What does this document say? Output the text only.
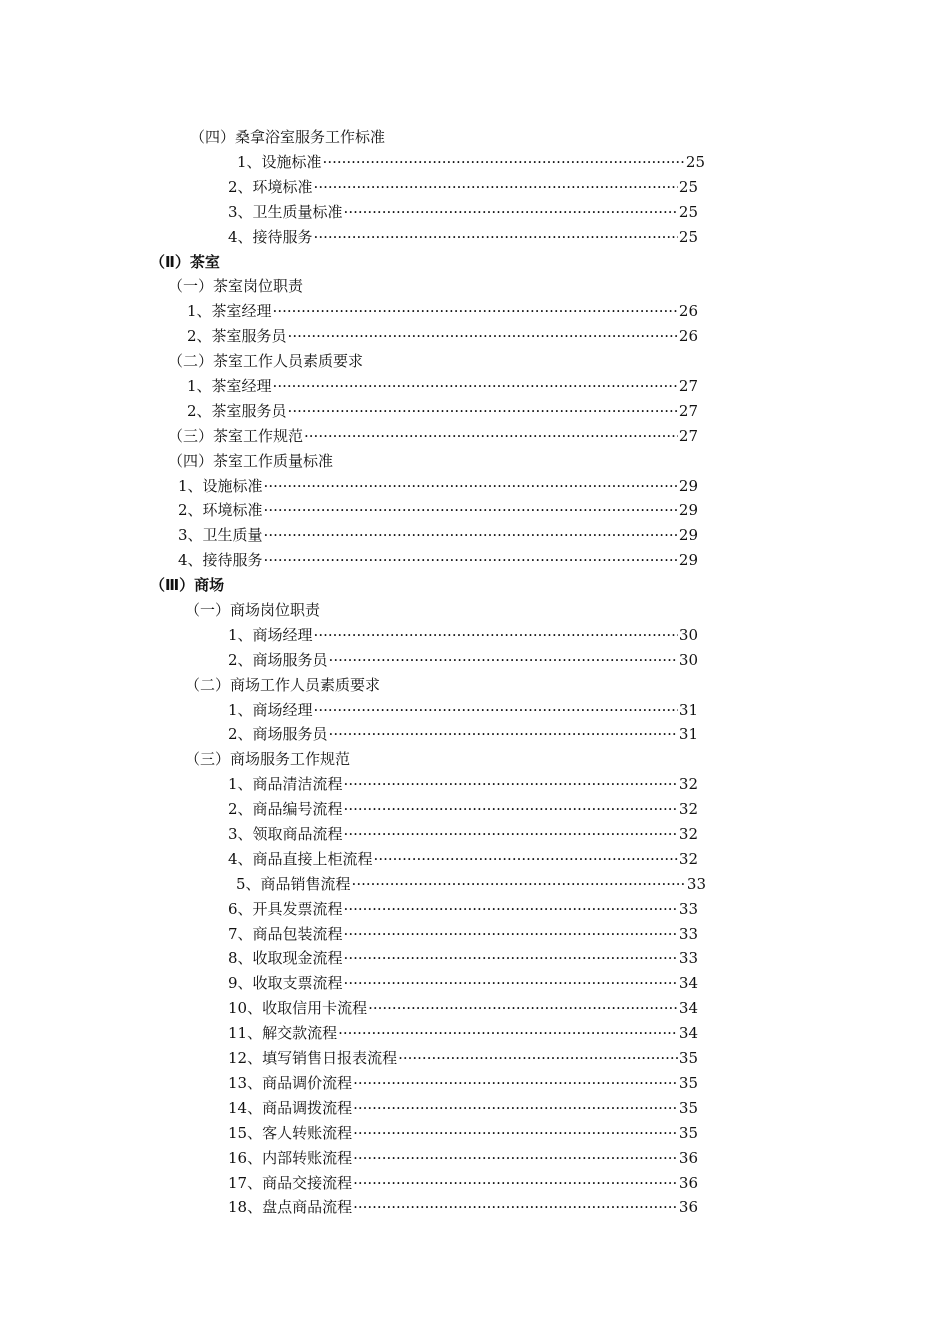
（四）桑拿浴室服务工作标准
1、设施标准 ·····	25
2、环境标准 ·····	25
3、卫生质量标准 ·····	25
4、接待服务 ·····	25
（Ⅱ）茶室
（一）茶室岗位职责
1、茶室经理 ·····	26
2、茶室服务员 ·····	26
（二）茶室工作人员素质要求
1、茶室经理 ·····	27
2、茶室服务员 ·····	27
（三）茶室工作规范 ·····	27
（四）茶室工作质量标准
1、设施标准 ·····	29
2、环境标准 ·····	29
3、卫生质量 ·····	29
4、接待服务 ·····	29
（Ⅲ）商场
（一）商场岗位职责
1、商场经理 ·····	30
2、商场服务员 ·····	30
（二）商场工作人员素质要求
1、商场经理 ·····	31
2、商场服务员 ·····	31
（三）商场服务工作规范
1、商品清洁流程 ·····	32
2、商品编号流程 ·····	32
3、领取商品流程 ·····	32
4、商品直接上柜流程 ·····	32
5、商品销售流程 ·····	33
6、开具发票流程 ·····	33
7、商品包装流程 ·····	33
8、收取现金流程 ·····	33
9、收取支票流程 ·····	34
10、收取信用卡流程 ·····	34
11、解交款流程 ·····	34
12、填写销售日报表流程 ·····	35
13、商品调价流程 ·····	35
14、商品调拨流程 ·····	35
15、客人转账流程 ·····	35
16、内部转账流程 ·····	36
17、商品交接流程 ·····	36
18、盘点商品流程 ·····	36
